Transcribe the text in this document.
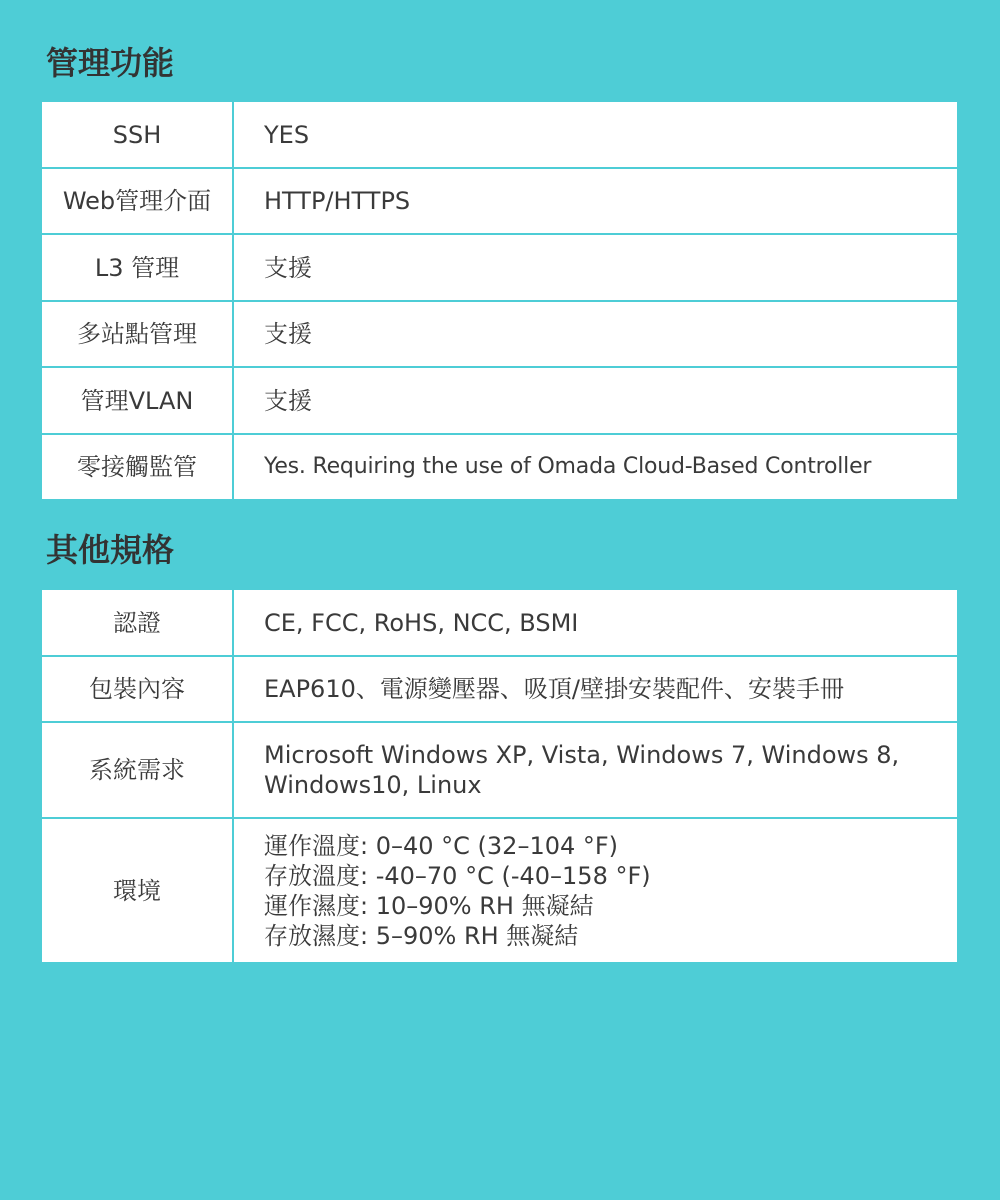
管理功能
SSH	YES

Web管理介面	HTTP/HTTPS

L3 管理	支援

多站點管理	支援

管理VLAN	支援

零接觸監管	Yes. Requiring the use of Omada Cloud-Based Controller
其他規格
認證	CE, FCC, RoHS, NCC, BSMI

包裝內容	EAP610、電源變壓器、吸頂/壁掛安裝配件、安裝手冊

系統需求	Microsoft Windows XP, Vista, Windows 7, Windows 8,
Windows10, Linux

環境	運作溫度: 0–40 °C (32–104 °F)
存放溫度: -40–70 °C (-40–158 °F)
運作濕度: 10–90% RH 無凝結
存放濕度: 5–90% RH 無凝結
